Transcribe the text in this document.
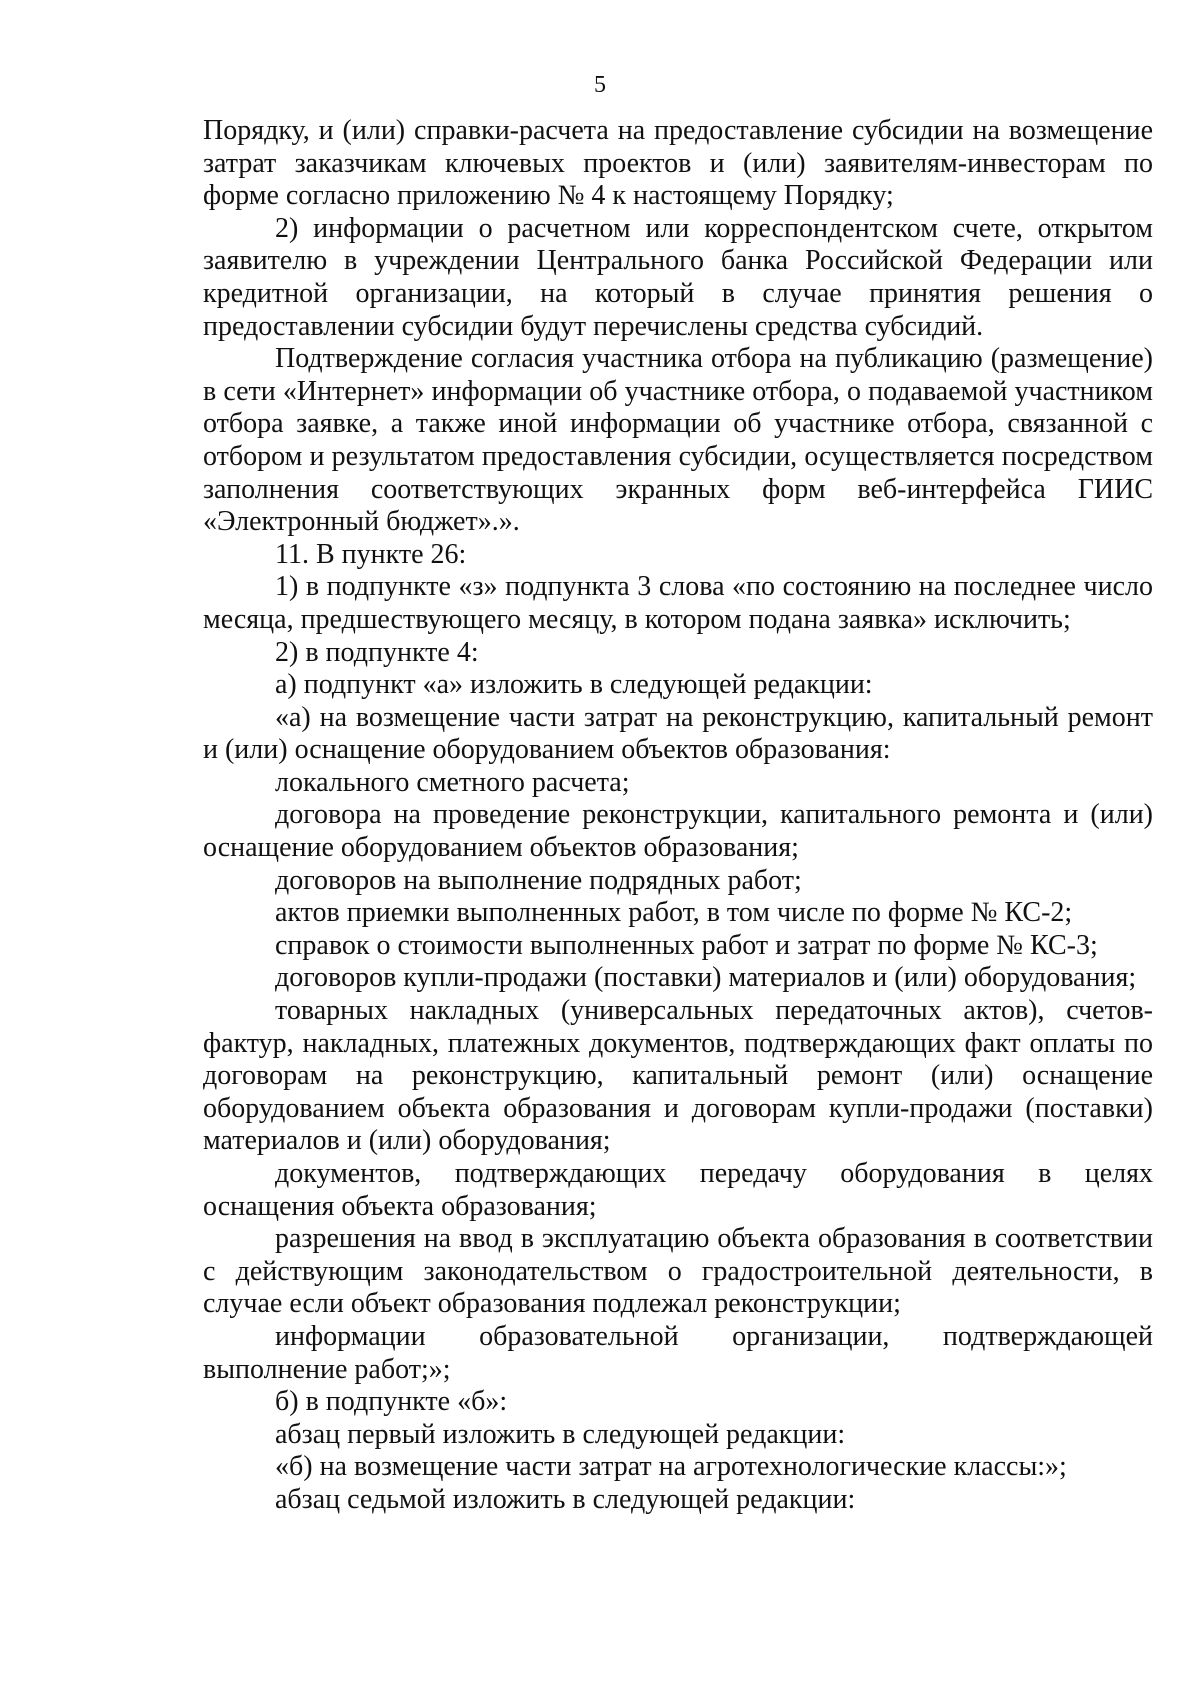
5

Порядку, и (или) справки-расчета на предоставление субсидии на возмещение затрат заказчикам ключевых проектов и (или) заявителям-инвесторам по форме согласно приложению № 4 к настоящему Порядку;

2) информации о расчетном или корреспондентском счете, открытом заявителю в учреждении Центрального банка Российской Федерации или кредитной организации, на который в случае принятия решения о предоставлении субсидии будут перечислены средства субсидий.

Подтверждение согласия участника отбора на публикацию (размещение) в сети «Интернет» информации об участнике отбора, о подаваемой участником отбора заявке, а также иной информации об участнике отбора, связанной с отбором и результатом предоставления субсидии, осуществляется посредством заполнения соответствующих экранных форм веб-интерфейса ГИИС «Электронный бюджет».».

11. В пункте 26:

1) в подпункте «з» подпункта 3 слова «по состоянию на последнее число месяца, предшествующего месяцу, в котором подана заявка» исключить;

2) в подпункте 4:

а) подпункт «а» изложить в следующей редакции:

«а) на возмещение части затрат на реконструкцию, капитальный ремонт и (или) оснащение оборудованием объектов образования:

локального сметного расчета;

договора на проведение реконструкции, капитального ремонта и (или) оснащение оборудованием объектов образования;

договоров на выполнение подрядных работ;

актов приемки выполненных работ, в том числе по форме № КС-2;

справок о стоимости выполненных работ и затрат по форме № КС-3;

договоров купли-продажи (поставки) материалов и (или) оборудования;

товарных накладных (универсальных передаточных актов), счетов-фактур, накладных, платежных документов, подтверждающих факт оплаты по договорам на реконструкцию, капитальный ремонт (или) оснащение оборудованием объекта образования и договорам купли-продажи (поставки) материалов и (или) оборудования;

документов, подтверждающих передачу оборудования в целях оснащения объекта образования;

разрешения на ввод в эксплуатацию объекта образования в соответствии с действующим законодательством о градостроительной деятельности, в случае если объект образования подлежал реконструкции;

информации образовательной организации, подтверждающей выполнение работ;»;

б) в подпункте «б»:

абзац первый изложить в следующей редакции:

«б) на возмещение части затрат на агротехнологические классы:»;

абзац седьмой изложить в следующей редакции:
